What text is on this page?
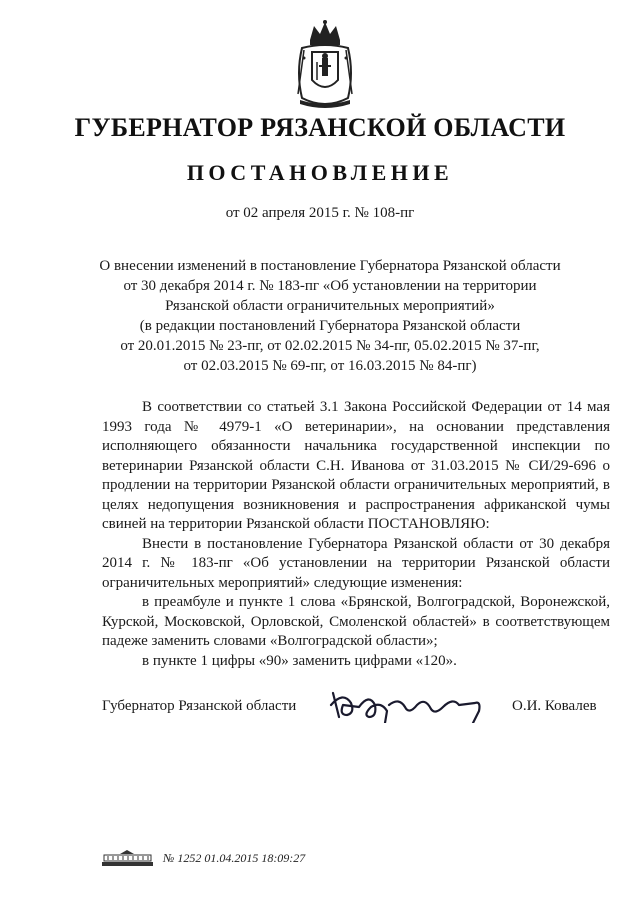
ГУБЕРНАТОР РЯЗАНСКОЙ ОБЛАСТИ
ПОСТАНОВЛЕНИЕ
от 02 апреля 2015 г. № 108-пг
О внесении изменений в постановление Губернатора Рязанской области
от 30 декабря 2014 г. № 183-пг «Об установлении на территории
Рязанской области ограничительных мероприятий»
(в редакции постановлений Губернатора Рязанской области
от 20.01.2015 № 23-пг, от 02.02.2015 № 34-пг, 05.02.2015 № 37-пг,
от 02.03.2015 № 69-пг, от 16.03.2015 № 84-пг)

В соответствии со статьей 3.1 Закона Российской Федерации от 14 мая 1993 года № 4979-1 «О ветеринарии», на основании представления исполняющего обязанности начальника государственной инспекции по ветеринарии Рязанской области С.Н. Иванова от 31.03.2015 № СИ/29-696 о продлении на территории Рязанской области ограничительных мероприятий, в целях недопущения возникновения и распространения африканской чумы свиней на территории Рязанской области ПОСТАНОВЛЯЮ:

Внести в постановление Губернатора Рязанской области от 30 декабря 2014 г. № 183-пг «Об установлении на территории Рязанской области ограничительных мероприятий» следующие изменения:

в преамбуле и пункте 1 слова «Брянской, Волгоградской, Воронежской, Курской, Московской, Орловской, Смоленской областей» в соответствующем падеже заменить словами «Волгоградской области»;

в пункте 1 цифры «90» заменить цифрами «120».

Губернатор Рязанской области	О.И. Ковалев
№ 1252 01.04.2015 18:09:27
